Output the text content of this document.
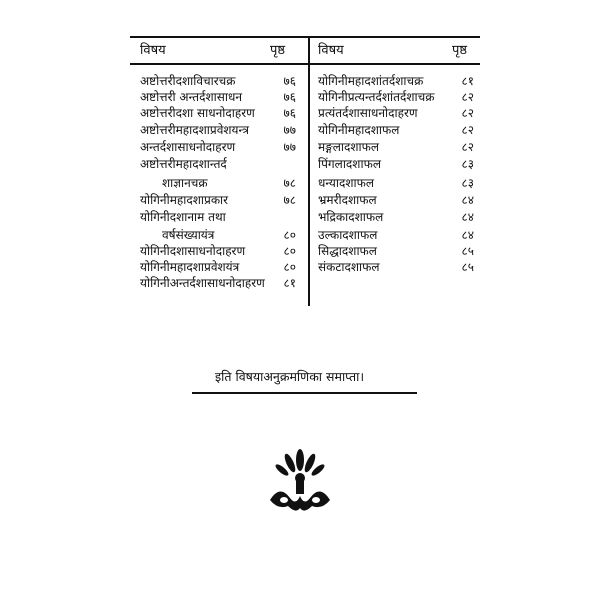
विषय	पृष्ठ	विषय	पृष्ठ
अष्टोत्तरीदशाविचारचक्र	७६
अष्टोत्तरी अन्तर्दशासाधन	७६
अष्टोत्तरीदशा साधनोदाहरण	७६
अष्टोत्तरीमहादशाप्रवेशयन्त्र	७७
अन्तर्दशासाधनोदाहरण	७७
अष्टोत्तरीमहादशान्तर्द
शाज्ञानचक्र	७८
योगिनीमहादशाप्रकार	७८
योगिनीदशानाम तथा
वर्षसंख्यायंत्र	८०
योगिनीदशासाधनोदाहरण	८०
योगिनीमहादशाप्रवेशयंत्र	८०
योगिनीअन्तर्दशासाधनोदाहरण	८१
योगिनीमहादशांतर्दशाचक्र	८१
योगिनीप्रत्यन्तर्दशांतर्दशाचक्र	८२
प्रत्यंतर्दशासाधनोदाहरण	८२
योगिनीमहादशाफल	८२
मङ्गलादशाफल	८२
पिंगलादशाफल	८३
धन्यादशाफल	८३
भ्रमरीदशाफल	८४
भद्रिकादशाफल	८४
उल्कादशाफल	८४
सिद्धादशाफल	८५
संकटादशाफल	८५
इति विषयाअनुक्रमणिका समाप्ता।
